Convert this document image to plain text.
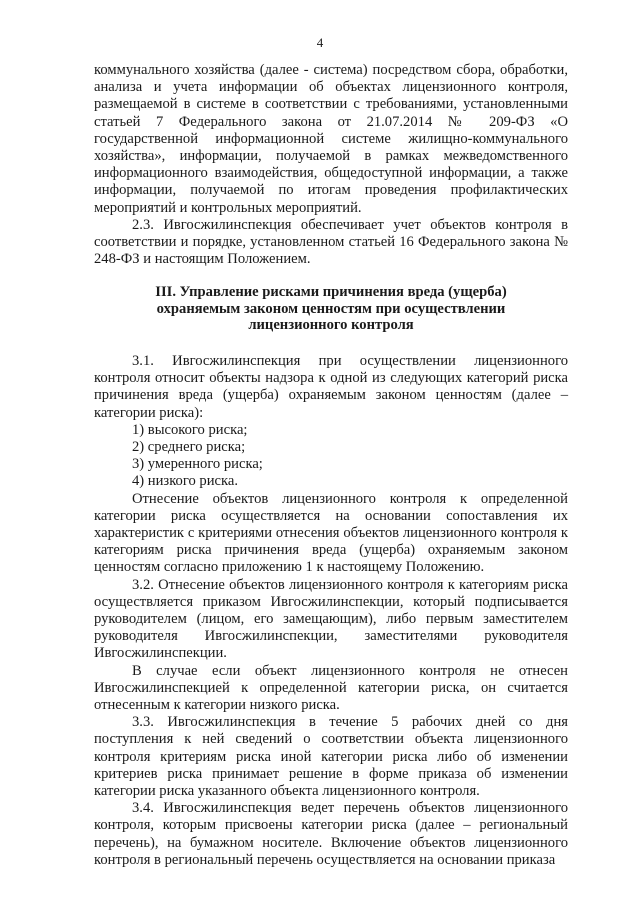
4

коммунального хозяйства (далее - система) посредством сбора, обработки, анализа и учета информации об объектах лицензионного контроля, размещаемой в системе в соответствии с требованиями, установленными статьей 7 Федерального закона от 21.07.2014 № 209-ФЗ «О государственной информационной системе жилищно-коммунального хозяйства», информации, получаемой в рамках межведомственного информационного взаимодействия, общедоступной информации, а также информации, получаемой по итогам проведения профилактических мероприятий и контрольных мероприятий.

2.3. Ивгосжилинспекция обеспечивает учет объектов контроля в соответствии и порядке, установленном статьей 16 Федерального закона № 248-ФЗ и настоящим Положением.

III. Управление рисками причинения вреда (ущерба)
охраняемым законом ценностям при осуществлении
лицензионного контроля

3.1. Ивгосжилинспекция при осуществлении лицензионного контроля относит объекты надзора к одной из следующих категорий риска причинения вреда (ущерба) охраняемым законом ценностям (далее – категории риска):

1) высокого риска;

2) среднего риска;

3) умеренного риска;

4) низкого риска.

Отнесение объектов лицензионного контроля к определенной категории риска осуществляется на основании сопоставления их характеристик с критериями отнесения объектов лицензионного контроля к категориям риска причинения вреда (ущерба) охраняемым законом ценностям согласно приложению 1 к настоящему Положению.

3.2. Отнесение объектов лицензионного контроля к категориям риска осуществляется приказом Ивгосжилинспекции, который подписывается руководителем (лицом, его замещающим), либо первым заместителем руководителя Ивгосжилинспекции, заместителями руководителя Ивгосжилинспекции.

В случае если объект лицензионного контроля не отнесен Ивгосжилинспекцией к определенной категории риска, он считается отнесенным к категории низкого риска.

3.3. Ивгосжилинспекция в течение 5 рабочих дней со дня поступления к ней сведений о соответствии объекта лицензионного контроля критериям риска иной категории риска либо об изменении критериев риска принимает решение в форме приказа об изменении категории риска указанного объекта лицензионного контроля.

3.4. Ивгосжилинспекция ведет перечень объектов лицензионного контроля, которым присвоены категории риска (далее – региональный перечень), на бумажном носителе. Включение объектов лицензионного контроля в региональный перечень осуществляется на основании приказа
